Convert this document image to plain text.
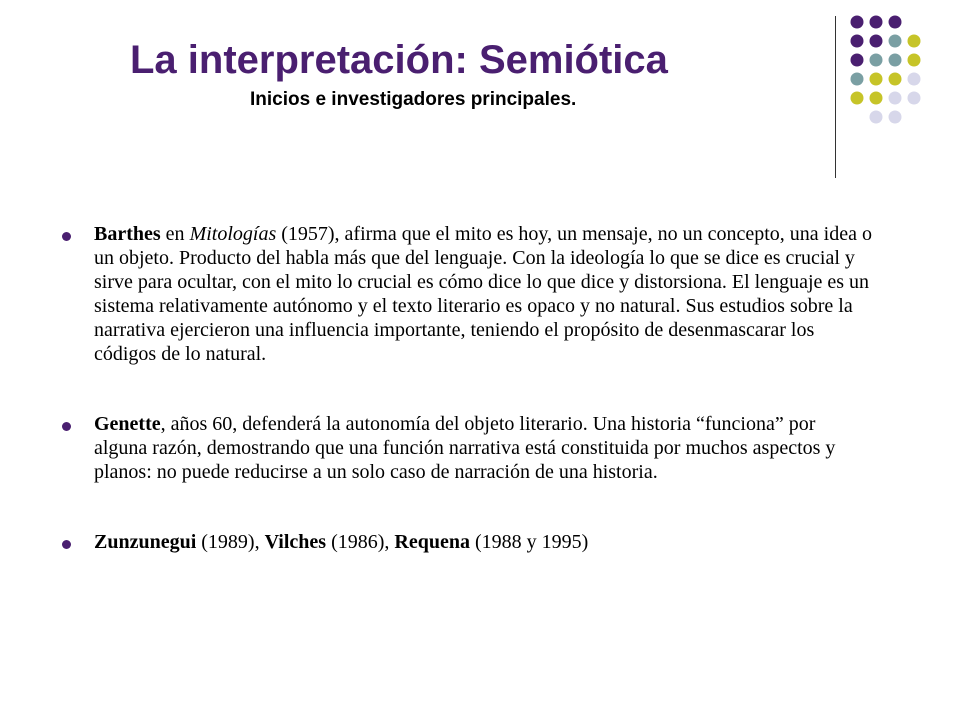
La interpretación: Semiótica
Inicios e investigadores principales.
Barthes en Mitologías (1957), afirma que el mito es hoy, un mensaje, no un concepto, una idea o un objeto. Producto del habla más que del lenguaje. Con la ideología lo que se dice es crucial y sirve para ocultar, con el mito lo crucial es cómo dice lo que dice y distorsiona. El lenguaje es un sistema relativamente autónomo y el texto literario es opaco y no natural. Sus estudios sobre la narrativa ejercieron una influencia importante, teniendo el propósito de desenmascarar los códigos de lo natural.
Genette, años 60, defenderá la autonomía del objeto literario. Una historia “funciona” por alguna razón, demostrando que una función narrativa está constituida por muchos aspectos y planos: no puede reducirse a un solo caso de narración de una historia.
Zunzunegui (1989), Vilches (1986), Requena (1988 y 1995)
